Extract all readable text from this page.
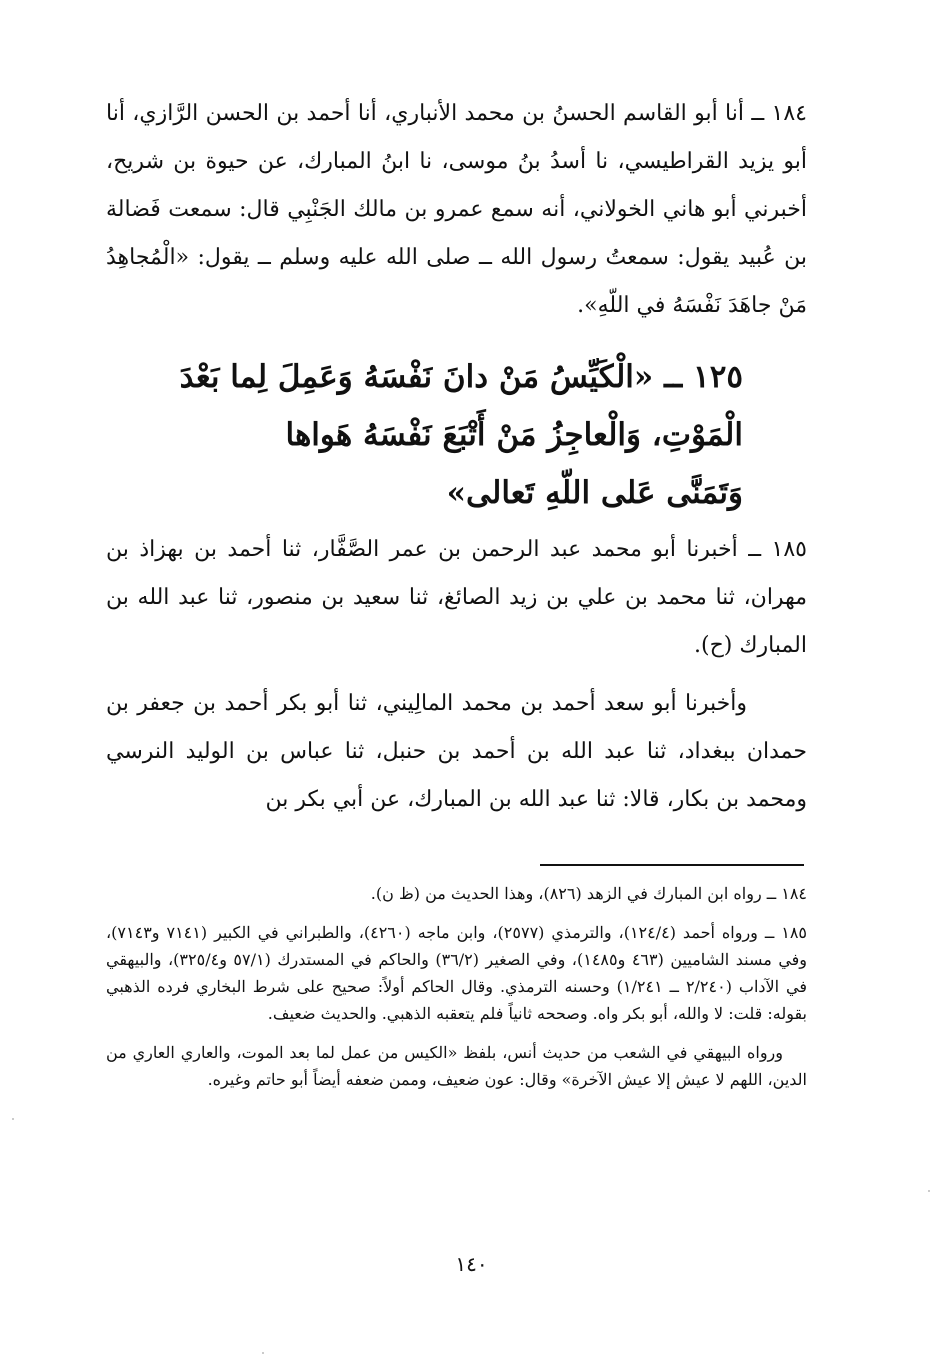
١٨٤ ــ أنا أبو القاسم الحسنُ بن محمد الأنباري، أنا أحمد بن الحسن الرَّازي، أنا أبو يزيد القراطيسي، نا أسدُ بنُ موسى، نا ابنُ المبارك، عن حيوة بن شريح، أخبرني أبو هاني الخولاني، أنه سمع عمرو بن مالك الجَنْبِي قال: سمعت فَضالة بن عُبيد يقول: سمعتُ رسول الله ــ صلى الله عليه وسلم ــ يقول: «الْمُجاهِدُ مَنْ جاهَدَ نَفْسَهُ في اللّهِ».

١٢٥ ــ «الْكَيِّسُ مَنْ دانَ نَفْسَهُ وَعَمِلَ لِما بَعْدَ
الْمَوْتِ، وَالْعاجِزُ مَنْ أَتْبَعَ نَفْسَهُ هَواها
وَتَمَنَّى عَلى اللّهِ تَعالى»

١٨٥ ــ أخبرنا أبو محمد عبد الرحمن بن عمر الصَّفَّار، ثنا أحمد بن بهزاذ بن مهران، ثنا محمد بن علي بن زيد الصائغ، ثنا سعيد بن منصور، ثنا عبد الله بن المبارك (ح).

وأخبرنا أبو سعد أحمد بن محمد المالِيني، ثنا أبو بكر أحمد بن جعفر بن حمدان ببغداد، ثنا عبد الله بن أحمد بن حنبل، ثنا عباس بن الوليد النرسي ومحمد بن بكار، قالا: ثنا عبد الله بن المبارك، عن أبي بكر بن

١٨٤ ــ رواه ابن المبارك في الزهد (٨٢٦)، وهذا الحديث من (ظ ن).

١٨٥ ــ ورواه أحمد (١٢٤/٤)، والترمذي (٢٥٧٧)، وابن ماجه (٤٢٦٠)، والطبراني في الكبير (٧١٤١ و٧١٤٣)، وفي مسند الشاميين (٤٦٣ و١٤٨٥)، وفي الصغير (٣٦/٢) والحاكم في المستدرك (٥٧/١ و٣٢٥/٤)، والبيهقي في الآداب (٢/٢٤٠ ــ ١/٢٤١) وحسنه الترمذي. وقال الحاكم أولاً: صحيح على شرط البخاري فرده الذهبي بقوله: قلت: لا والله، أبو بكر واه. وصححه ثانياً فلم يتعقبه الذهبي. والحديث ضعيف.

ورواه البيهقي في الشعب من حديث أنس، بلفظ «الكيس من عمل لما بعد الموت، والعاري العاري من الدين، اللهم لا عيش إلا عيش الآخرة» وقال: عون ضعيف، وممن ضعفه أيضاً أبو حاتم وغيره.

١٤٠
